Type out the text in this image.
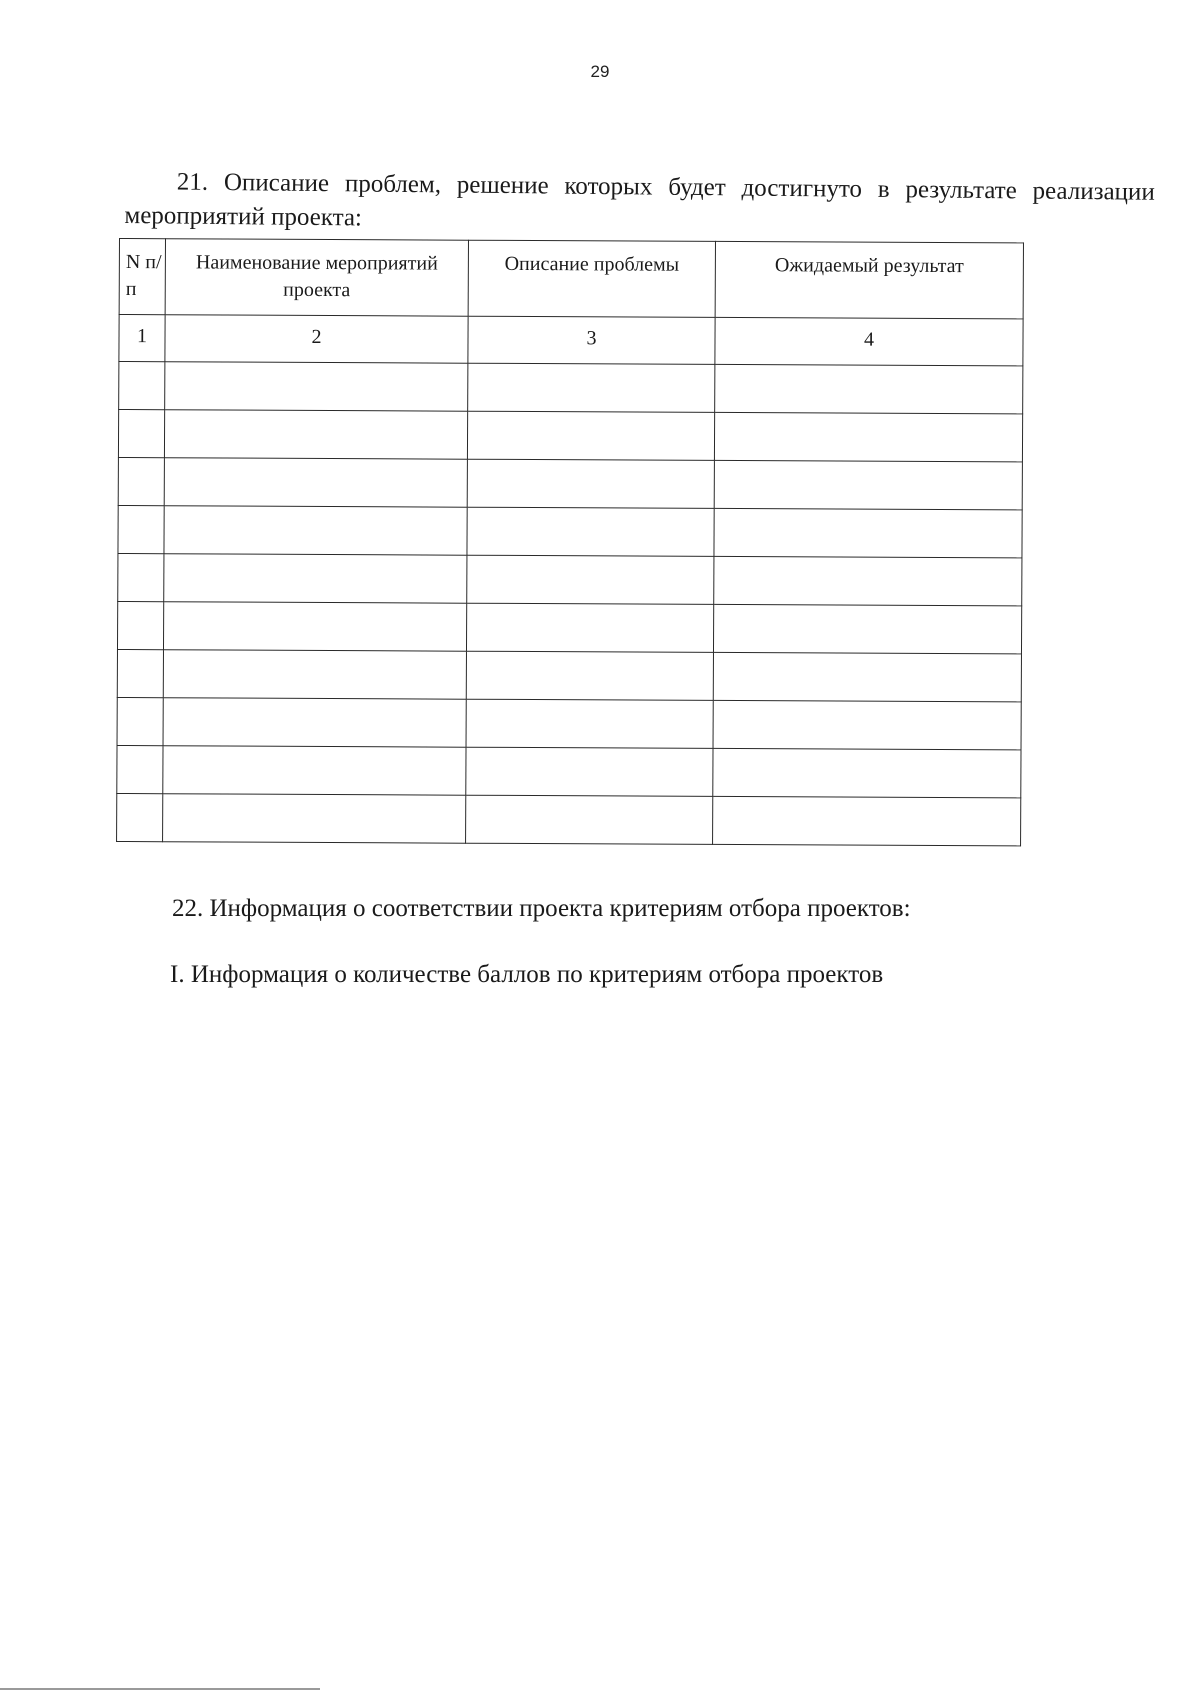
29

21. Описание проблем, решение которых будет достигнуто в результате реализации мероприятий проекта:

N п/п	Наименование мероприятий проекта	Описание проблемы	Ожидаемый результат
1	2	3	4

22. Информация о соответствии проекта критериям отбора проектов:

I. Информация о количестве баллов по критериям отбора проектов
